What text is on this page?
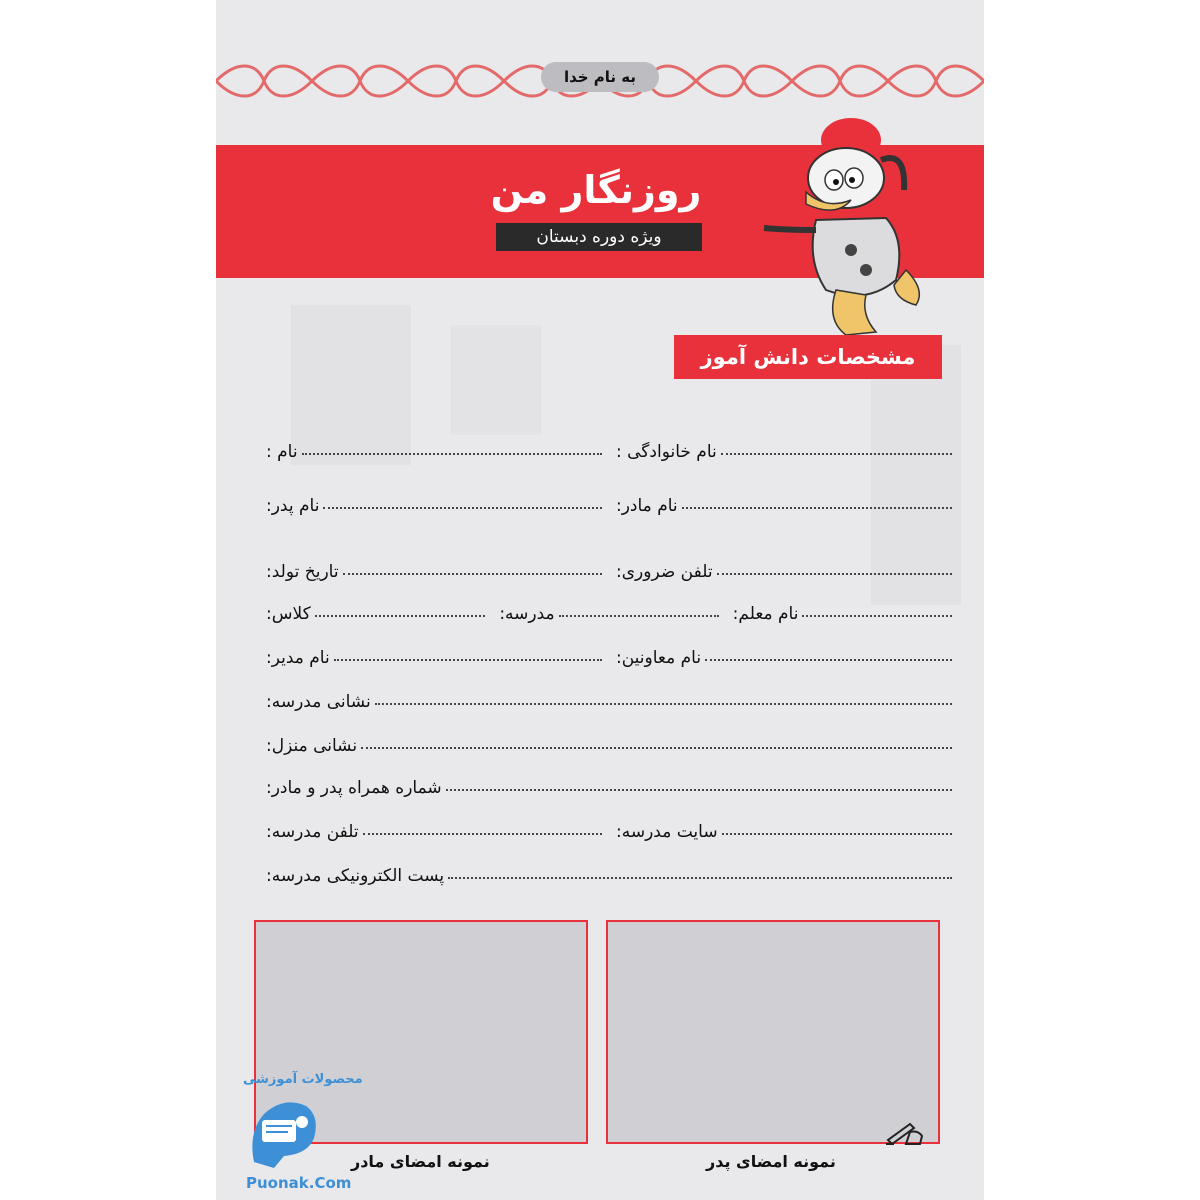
به نام خدا
روزنگار من
ویژه دوره دبستان
مشخصات دانش آموز
نام :	نام خانوادگی :
نام پدر:	نام مادر:
تاریخ تولد:	تلفن ضروری:
کلاس:	مدرسه:	نام معلم:
نام مدیر:	نام معاونین:
نشانی مدرسه:
نشانی منزل:
شماره همراه پدر و مادر:
تلفن مدرسه:	سایت مدرسه:
پست الکترونیکی مدرسه:
نمونه امضای پدر
نمونه امضای مادر
محصولات آموزشی
Puonak.Com
